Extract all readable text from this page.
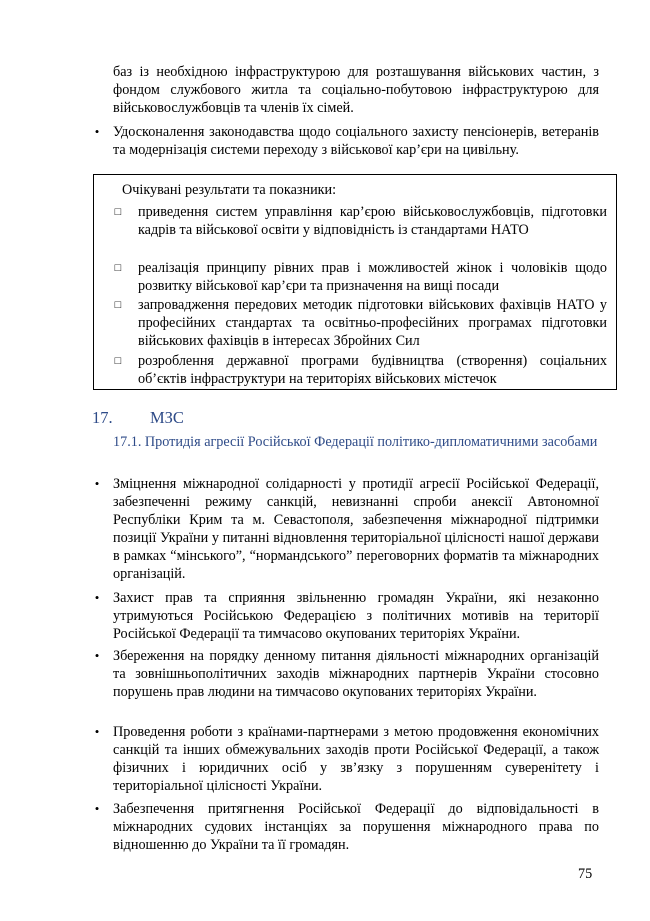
баз із необхідною інфраструктурою для розташування військових частин, з фондом службового житла та соціально-побутовою інфраструктурою для військовослужбовців та членів їх сімей.
• Удосконалення законодавства щодо соціального захисту пенсіонерів, ветеранів та модернізація системи переходу з військової кар’єри на цивільну.
Очікувані результати та показники:
□ приведення систем управління кар’єрою військовослужбовців, підготовки кадрів та військової освіти у відповідність із стандартами НАТО
□ реалізація принципу рівних прав і можливостей жінок і чоловіків щодо розвитку військової кар’єри та призначення на вищі посади
□ запровадження передових методик підготовки військових фахівців НАТО у професійних стандартах та освітньо-професійних програмах підготовки військових фахівців в інтересах Збройних Сил
□ розроблення державної програми будівництва (створення) соціальних об’єктів інфраструктури на територіях військових містечок
17. МЗС
17.1. Протидія агресії Російської Федерації політико-дипломатичними засобами
• Зміцнення міжнародної солідарності у протидії агресії Російської Федерації, забезпеченні режиму санкцій, невизнанні спроби анексії Автономної Республіки Крим та м. Севастополя, забезпечення міжнародної підтримки позиції України у питанні відновлення територіальної цілісності нашої держави в рамках “мінського”, “нормандського” переговорних форматів та міжнародних організацій.
• Захист прав та сприяння звільненню громадян України, які незаконно утримуються Російською Федерацією з політичних мотивів на території Російської Федерації та тимчасово окупованих територіях України.
• Збереження на порядку денному питання діяльності міжнародних організацій та зовнішньополітичних заходів міжнародних партнерів України стосовно порушень прав людини на тимчасово окупованих територіях України.
• Проведення роботи з країнами-партнерами з метою продовження економічних санкцій та інших обмежувальних заходів проти Російської Федерації, а також фізичних і юридичних осіб у зв’язку з порушенням суверенітету і територіальної цілісності України.
• Забезпечення притягнення Російської Федерації до відповідальності в міжнародних судових інстанціях за порушення міжнародного права по відношенню до України та її громадян.
75
